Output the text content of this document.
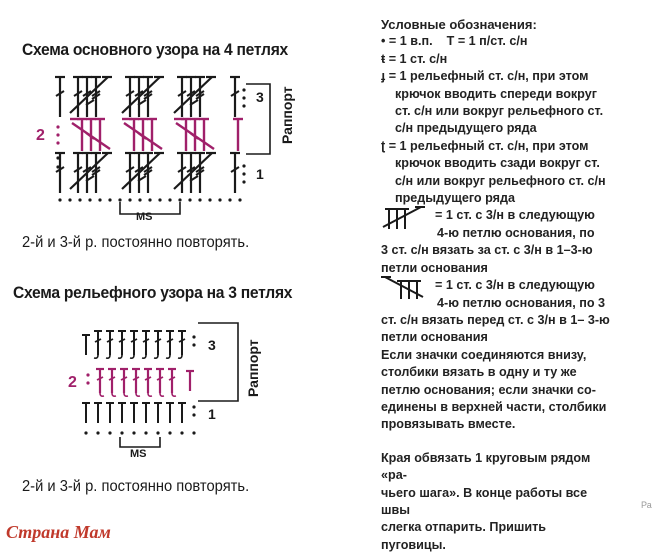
Схема основного узора на 4 петлях
MS
3
1
2	Раппорт
2-й и 3-й р. постоянно повторять.
Схема рельефного узора на 3 петлях
MS
3
1
2	Раппорт
2-й и 3-й р. постоянно повторять.

Условные обозначения:

• = 1 в.п. T = 1 п/ст. с/н

ŧ = 1 ст. с/н

ɟ = 1 рельефный ст. с/н, при этом

крючок вводить спереди вокруг

ст. с/н или вокруг рельефного ст.

с/н предыдущего ряда

ʈ = 1 рельефный ст. с/н, при этом

крючок вводить сзади вокруг ст.

с/н или вокруг рельефного ст. с/н

предыдущего ряда

= 1 ст. с 3/н в следующую

4-ю петлю основания, по

3 ст. с/н вязать за ст. с 3/н в 1–3-ю

петли основания

= 1 ст. с 3/н в следующую

4-ю петлю основания, по 3

ст. с/н вязать перед ст. с 3/н в 1– 3-ю

петли основания

Если значки соединяются внизу,

столбики вязать в одну и ту же

петлю основания; если значки со-

единены в верхней части, столбики

провязывать вместе.

Края обвязать 1 круговым рядом «ра-

чьего шага». В конце работы все швы

слегка отпарить. Пришить пуговицы.

Ра
Страна Мам
